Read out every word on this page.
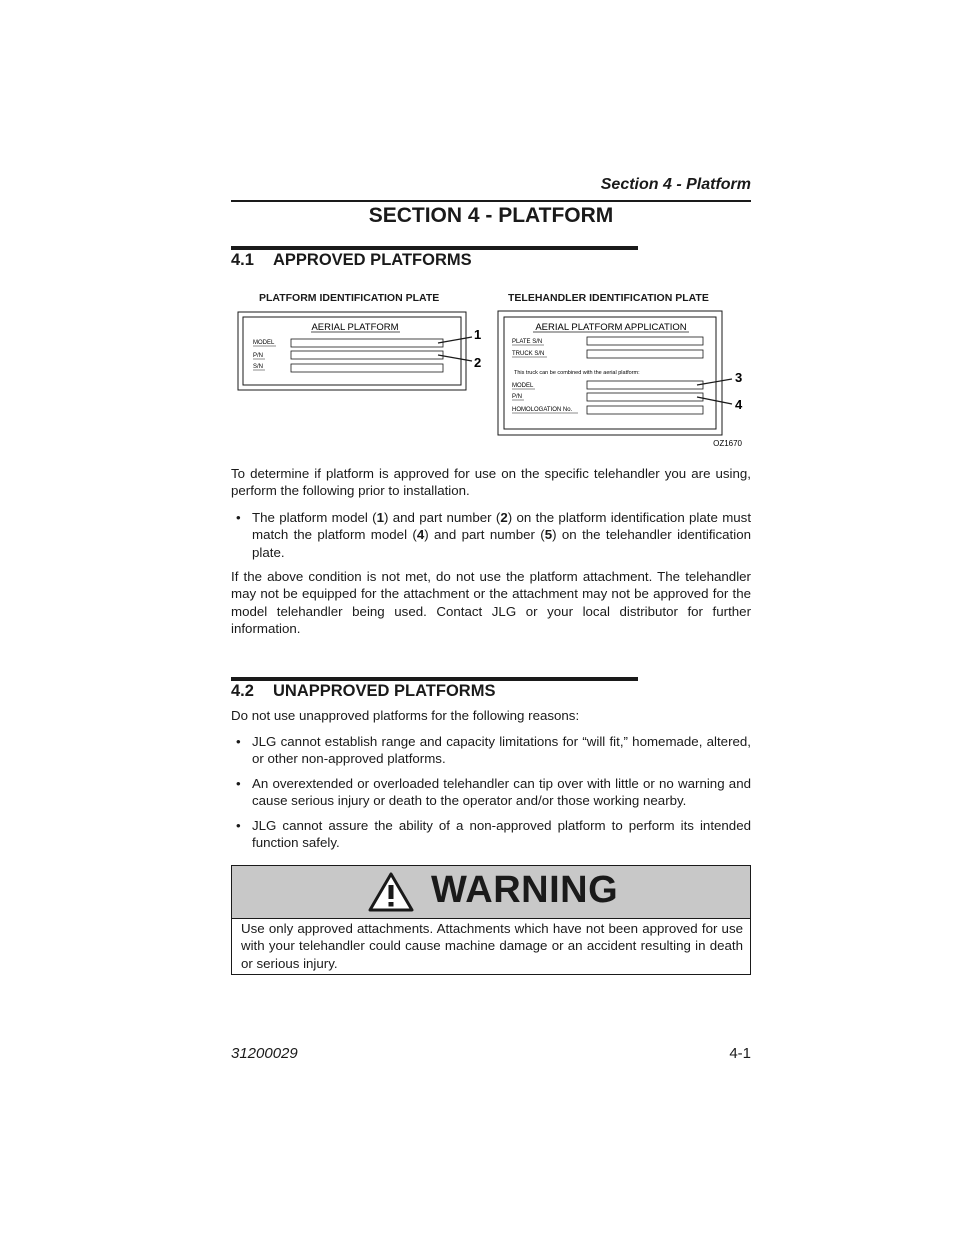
Section 4 - Platform
SECTION 4 - PLATFORM
4.1 APPROVED PLATFORMS
PLATFORM IDENTIFICATION PLATE	TELEHANDLER IDENTIFICATION PLATE
AERIAL PLATFORM
MODEL
P/N
S/N
1
2
AERIAL PLATFORM APPLICATION
PLATE S/N
TRUCK S/N
This truck can be combined with the aerial platform:
MODEL
P/N
HOMOLOGATION No.
3
4
OZ1670
To determine if platform is approved for use on the specific telehandler you are using, perform the following prior to installation.
• The platform model (1) and part number (2) on the platform identification plate must match the platform model (4) and part number (5) on the telehandler identification plate.
If the above condition is not met, do not use the platform attachment. The telehandler may not be equipped for the attachment or the attachment may not be approved for the model telehandler being used. Contact JLG or your local distributor for further information.
4.2 UNAPPROVED PLATFORMS
Do not use unapproved platforms for the following reasons:
• JLG cannot establish range and capacity limitations for “will fit,” homemade, altered, or other non-approved platforms.
• An overextended or overloaded telehandler can tip over with little or no warning and cause serious injury or death to the operator and/or those working nearby.
• JLG cannot assure the ability of a non-approved platform to perform its intended function safely.
WARNING
Use only approved attachments. Attachments which have not been approved for use with your telehandler could cause machine damage or an accident resulting in death or serious injury.
31200029	4-1
